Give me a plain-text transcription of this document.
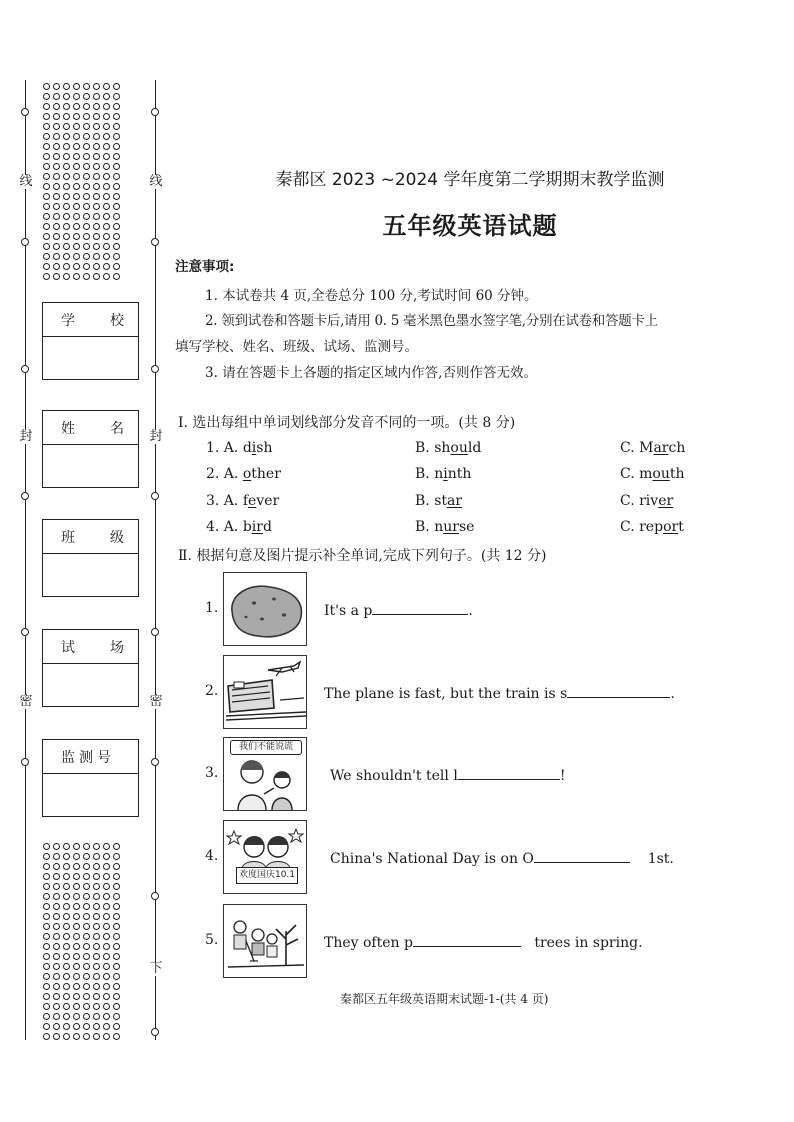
线
封
密
线
封
密
下
学	校
姓	名
班	级
试	场
监测号
秦都区 2023 ~2024 学年度第二学期期末教学监测
五年级英语试题
注意事项:
1. 本试卷共 4 页,全卷总分 100 分,考试时间 60 分钟。
2. 领到试卷和答题卡后,请用 0. 5 毫米黑色墨水签字笔,分别在试卷和答题卡上
填写学校、姓名、班级、试场、监测号。
3. 请在答题卡上各题的指定区域内作答,否则作答无效。
Ⅰ. 选出每组中单词划线部分发音不同的一项。(共 8 分)
1. A. dish	B. should	C. March
2. A. other	B. ninth	C. mouth
3. A. fever	B. star	C. river
4. A. bird	B. nurse	C. report
Ⅱ. 根据句意及图片提示补全单词,完成下列句子。(共 12 分)
1.	It's a p	.
2.	The plane is fast, but the train is s	.
3.
我们不能说谎
We shouldn't tell l	!
4.
欢度国庆10.1
China's National Day is on O	1st.
5.	They often p	trees in spring.
秦都区五年级英语期末试题-1-(共 4 页)
